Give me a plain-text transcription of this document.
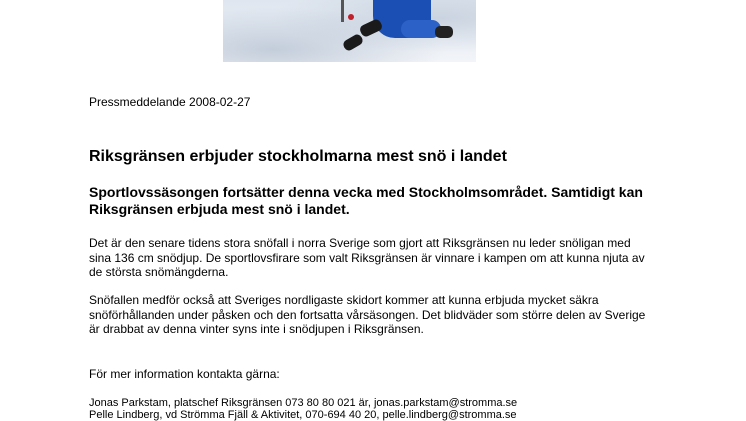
Pressmeddelande 2008-02-27
Riksgränsen erbjuder stockholmarna mest snö i landet
Sportlovssäsongen fortsätter denna vecka med Stockholmsområdet. Samtidigt kan Riksgränsen erbjuda mest snö i landet.

Det är den senare tidens stora snöfall i norra Sverige som gjort att Riksgränsen nu leder snöligan med sina 136 cm snödjup. De sportlovsfirare som valt Riksgränsen är vinnare i kampen om att kunna njuta av de största snömängderna.

Snöfallen medför också att Sveriges nordligaste skidort kommer att kunna erbjuda mycket säkra snöförhållanden under påsken och den fortsatta vårsäsongen. Det blidväder som större delen av Sverige är drabbat av denna vinter syns inte i snödjupen i Riksgränsen.

För mer information kontakta gärna:
Jonas Parkstam, platschef Riksgränsen 073 80 80 021 är, jonas.parkstam@stromma.se
Pelle Lindberg, vd Strömma Fjäll & Aktivitet, 070-694 40 20, pelle.lindberg@stromma.se
